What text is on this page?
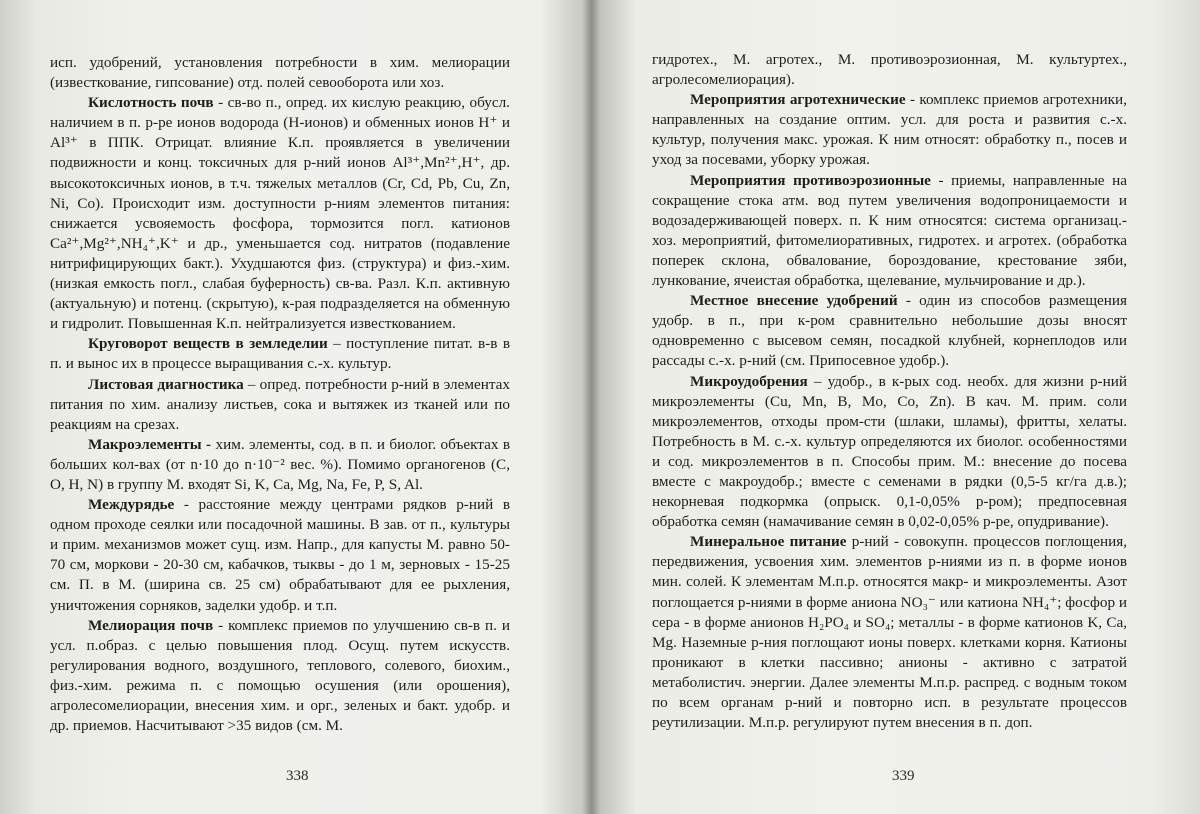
исп. удобрений, установления потребности в хим. мелиорации (известкование, гипсование) отд. полей севооборота или хоз.

Кислотность почв - св-во п., опред. их кислую реакцию, обусл. наличием в п. р-ре ионов водорода (Н-ионов) и обменных ионов H⁺ и Al³⁺ в ППК. Отрицат. влияние К.п. проявляется в увеличении подвижности и конц. токсичных для р-ний ионов Al³⁺,Mn²⁺,H⁺, др. высокотоксичных ионов, в т.ч. тяжелых металлов (Cr, Cd, Pb, Cu, Zn, Ni, Co). Происходит изм. доступности р-ниям элементов питания: снижается усвояемость фосфора, тормозится погл. катионов Ca²⁺,Mg²⁺,NH₄⁺,K⁺ и др., уменьшается сод. нитратов (подавление нитрифицирующих бакт.). Ухудшаются физ. (структура) и физ.-хим. (низкая емкость погл., слабая буферность) св-ва. Разл. К.п. активную (актуальную) и потенц. (скрытую), к-рая подразделяется на обменную и гидролит. Повышенная К.п. нейтрализуется известкованием.

Круговорот веществ в земледелии – поступление питат. в-в в п. и вынос их в процессе выращивания с.-х. культур.

Листовая диагностика – опред. потребности р-ний в элементах питания по хим. анализу листьев, сока и вытяжек из тканей или по реакциям на срезах.

Макроэлементы - хим. элементы, сод. в п. и биолог. объектах в больших кол-вах (от n·10 до n·10⁻² вес. %). Помимо органогенов (С, О, Н, N) в группу М. входят Si, K, Ca, Mg, Na, Fe, P, S, Al.

Междурядье - расстояние между центрами рядков р-ний в одном проходе сеялки или посадочной машины. В зав. от п., культуры и прим. механизмов может сущ. изм. Напр., для капусты М. равно 50-70 см, моркови - 20-30 см, кабачков, тыквы - до 1 м, зерновых - 15-25 см. П. в М. (ширина св. 25 см) обрабатывают для ее рыхления, уничтожения сорняков, заделки удобр. и т.п.

Мелиорация почв - комплекс приемов по улучшению св-в п. и усл. п.образ. с целью повышения плод. Осущ. путем искусств. регулирования водного, воздушного, теплового, солевого, биохим., физ.-хим. режима п. с помощью осушения (или орошения), агролесомелиорации, внесения хим. и орг., зеленых и бакт. удобр. и др. приемов. Насчитывают >35 видов (см. М.

338

гидротех., М. агротех., М. противоэрозионная, М. культуртех., агролесомелиорация).

Мероприятия агротехнические - комплекс приемов агротехники, направленных на создание оптим. усл. для роста и развития с.-х. культур, получения макс. урожая. К ним относят: обработку п., посев и уход за посевами, уборку урожая.

Мероприятия противоэрозионные - приемы, направленные на сокращение стока атм. вод путем увеличения водопроницаемости и водозадерживающей поверх. п. К ним относятся: система организац.-хоз. мероприятий, фитомелиоративных, гидротех. и агротех. (обработка поперек склона, обвалование, бороздование, крестование зяби, лункование, ячеистая обработка, щелевание, мульчирование и др.).

Местное внесение удобрений - один из способов размещения удобр. в п., при к-ром сравнительно небольшие дозы вносят одновременно с высевом семян, посадкой клубней, корнеплодов или рассады с.-х. р-ний (см. Припосевное удобр.).

Микроудобрения – удобр., в к-рых сод. необх. для жизни р-ний микроэлементы (Cu, Mn, B, Mo, Co, Zn). В кач. М. прим. соли микроэлементов, отходы пром-сти (шлаки, шламы), фритты, хелаты. Потребность в М. с.-х. культур определяются их биолог. особенностями и сод. микроэлементов в п. Способы прим. М.: внесение до посева вместе с макроудобр.; вместе с семенами в рядки (0,5-5 кг/га д.в.); некорневая подкормка (опрыск. 0,1-0,05% р-ром); предпосевная обработка семян (намачивание семян в 0,02-0,05% р-ре, опудривание).

Минеральное питание р-ний - совокупн. процессов поглощения, передвижения, усвоения хим. элементов р-ниями из п. в форме ионов мин. солей. К элементам М.п.р. относятся макр- и микроэлементы. Азот поглощается р-ниями в форме аниона NO₃⁻ или катиона NH₄⁺; фосфор и сера - в форме анионов H₂PO₄ и SO₄; металлы - в форме катионов K, Ca, Mg. Наземные р-ния поглощают ионы поверх. клетками корня. Катионы проникают в клетки пассивно; анионы - активно с затратой метаболистич. энергии. Далее элементы М.п.р. распред. с водным током по всем органам р-ний и повторно исп. в результате процессов реутилизации. М.п.р. регулируют путем внесения в п. доп.

339
